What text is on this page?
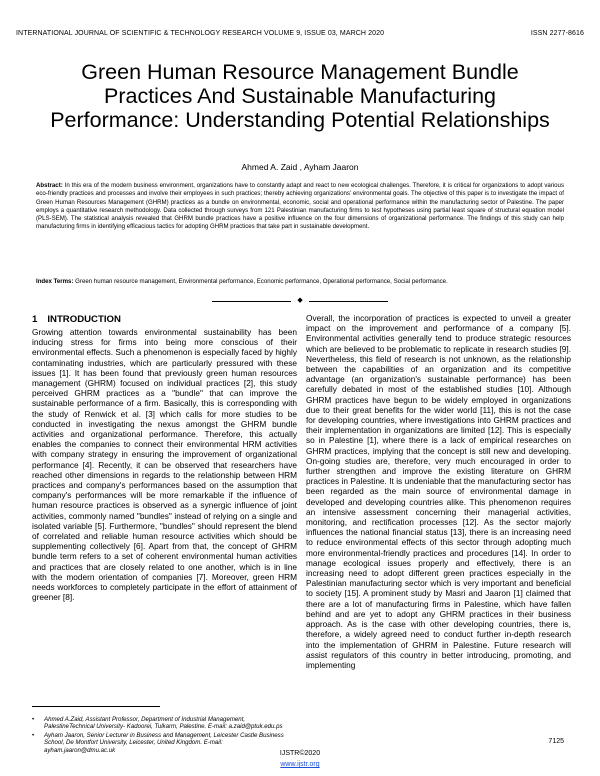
INTERNATIONAL JOURNAL OF SCIENTIFIC & TECHNOLOGY RESEARCH VOLUME 9, ISSUE 03, MARCH 2020	ISSN 2277-8616
Green Human Resource Management Bundle Practices And Sustainable Manufacturing Performance: Understanding Potential Relationships
Ahmed A. Zaid , Ayham Jaaron

Abstract: In this era of the modern business environment, organizations have to constantly adapt and react to new ecological challenges. Therefore, it is critical for organizations to adopt various eco-friendly practices and processes and involve their employees in such practices; thereby achieving organizations' environmental goals. The objective of this paper is to investigate the impact of Green Human Resources Management (GHRM) practices as a bundle on environmental, economic, social and operational performance within the manufacturing sector of Palestine. The paper employs a quantitative research methodology. Data collected through surveys from 121 Palestinian manufacturing firms to test hypotheses using partial least square of structural equation model (PLS-SEM). The statistical analysis revealed that GHRM bundle practices have a positive influence on the four dimensions of organizational performance. The findings of this study can help manufacturing firms in identifying efficacious tactics for adopting GHRM practices that take part in sustainable development.

Index Terms: Green human resource management, Environmental performance, Economic performance, Operational performance, Social performance.

◆
1 INTRODUCTION

Growing attention towards environmental sustainability has been inducing stress for firms into being more conscious of their environmental effects. Such a phenomenon is especially faced by highly contaminating industries, which are particularly pressured with these issues [1]. It has been found that previously green human resources management (GHRM) focused on individual practices [2], this study perceived GHRM practices as a "bundle" that can improve the sustainable performance of a firm. Basically, this is corresponding with the study of Renwick et al. [3] which calls for more studies to be conducted in investigating the nexus amongst the GHRM bundle activities and organizational performance. Therefore, this actually enables the companies to connect their environmental HRM activities with company strategy in ensuring the improvement of organizational performance [4]. Recently, it can be observed that researchers have reached other dimensions in regards to the relationship between HRM practices and company's performances based on the assumption that company's performances will be more remarkable if the influence of human resource practices is observed as a synergic influence of joint activities, commonly named "bundles" instead of relying on a single and isolated variable [5]. Furthermore, "bundles" should represent the blend of correlated and reliable human resource activities which should be supplementing collectively [6]. Apart from that, the concept of GHRM bundle term refers to a set of coherent environmental human activities and practices that are closely related to one another, which is in line with the modern orientation of companies [7]. Moreover, green HRM needs workforces to completely participate in the effort of attainment of greener [8].

Overall, the incorporation of practices is expected to unveil a greater impact on the improvement and performance of a company [5]. Environmental activities generally tend to produce strategic resources which are believed to be problematic to replicate in research studies [9]. Nevertheless, this field of research is not unknown, as the relationship between the capabilities of an organization and its competitive advantage (an organization's sustainable performance) has been carefully debated in most of the established studies [10]. Although GHRM practices have begun to be widely employed in organizations due to their great benefits for the wider world [11], this is not the case for developing countries, where investigations into GHRM practices and their implementation in organizations are limited [12]. This is especially so in Palestine [1], where there is a lack of empirical researches on GHRM practices, implying that the concept is still new and developing. On-going studies are, therefore, very much encouraged in order to further strengthen and improve the existing literature on GHRM practices in Palestine. It is undeniable that the manufacturing sector has been regarded as the main source of environmental damage in developed and developing countries alike. This phenomenon requires an intensive assessment concerning their managerial activities, monitoring, and rectification processes [12]. As the sector majorly influences the national financial status [13], there is an increasing need to reduce environmental effects of this sector through adopting much more environmental-friendly practices and procedures [14]. In order to manage ecological issues properly and effectively, there is an increasing need to adopt different green practices especially in the Palestinian manufacturing sector which is very important and beneficial to society [15]. A prominent study by Masri and Jaaron [1] claimed that there are a lot of manufacturing firms in Palestine, which have fallen behind and are yet to adopt any GHRM practices in their business approach. As is the case with other developing countries, there is, therefore, a widely agreed need to conduct further in-depth research into the implementation of GHRM in Palestine. Future research will assist regulators of this country in better introducing, promoting, and implementing

• Ahmed A.Zaid, Assistant Professor, Department of Industrial Management, PalestineTechnical University- Kadoorei, Tulkarm, Palestine. E-mail: a.zaid@ptuk.edu.ps
• Ayham Jaaron, Senior Lecturer in Business and Management, Leicester Castle Business School, De Montfort University, Leicester, United Kingdom. E-mail: ayham.jaaron@dmu.ac.uk
7125
IJSTR©2020
www.ijstr.org
